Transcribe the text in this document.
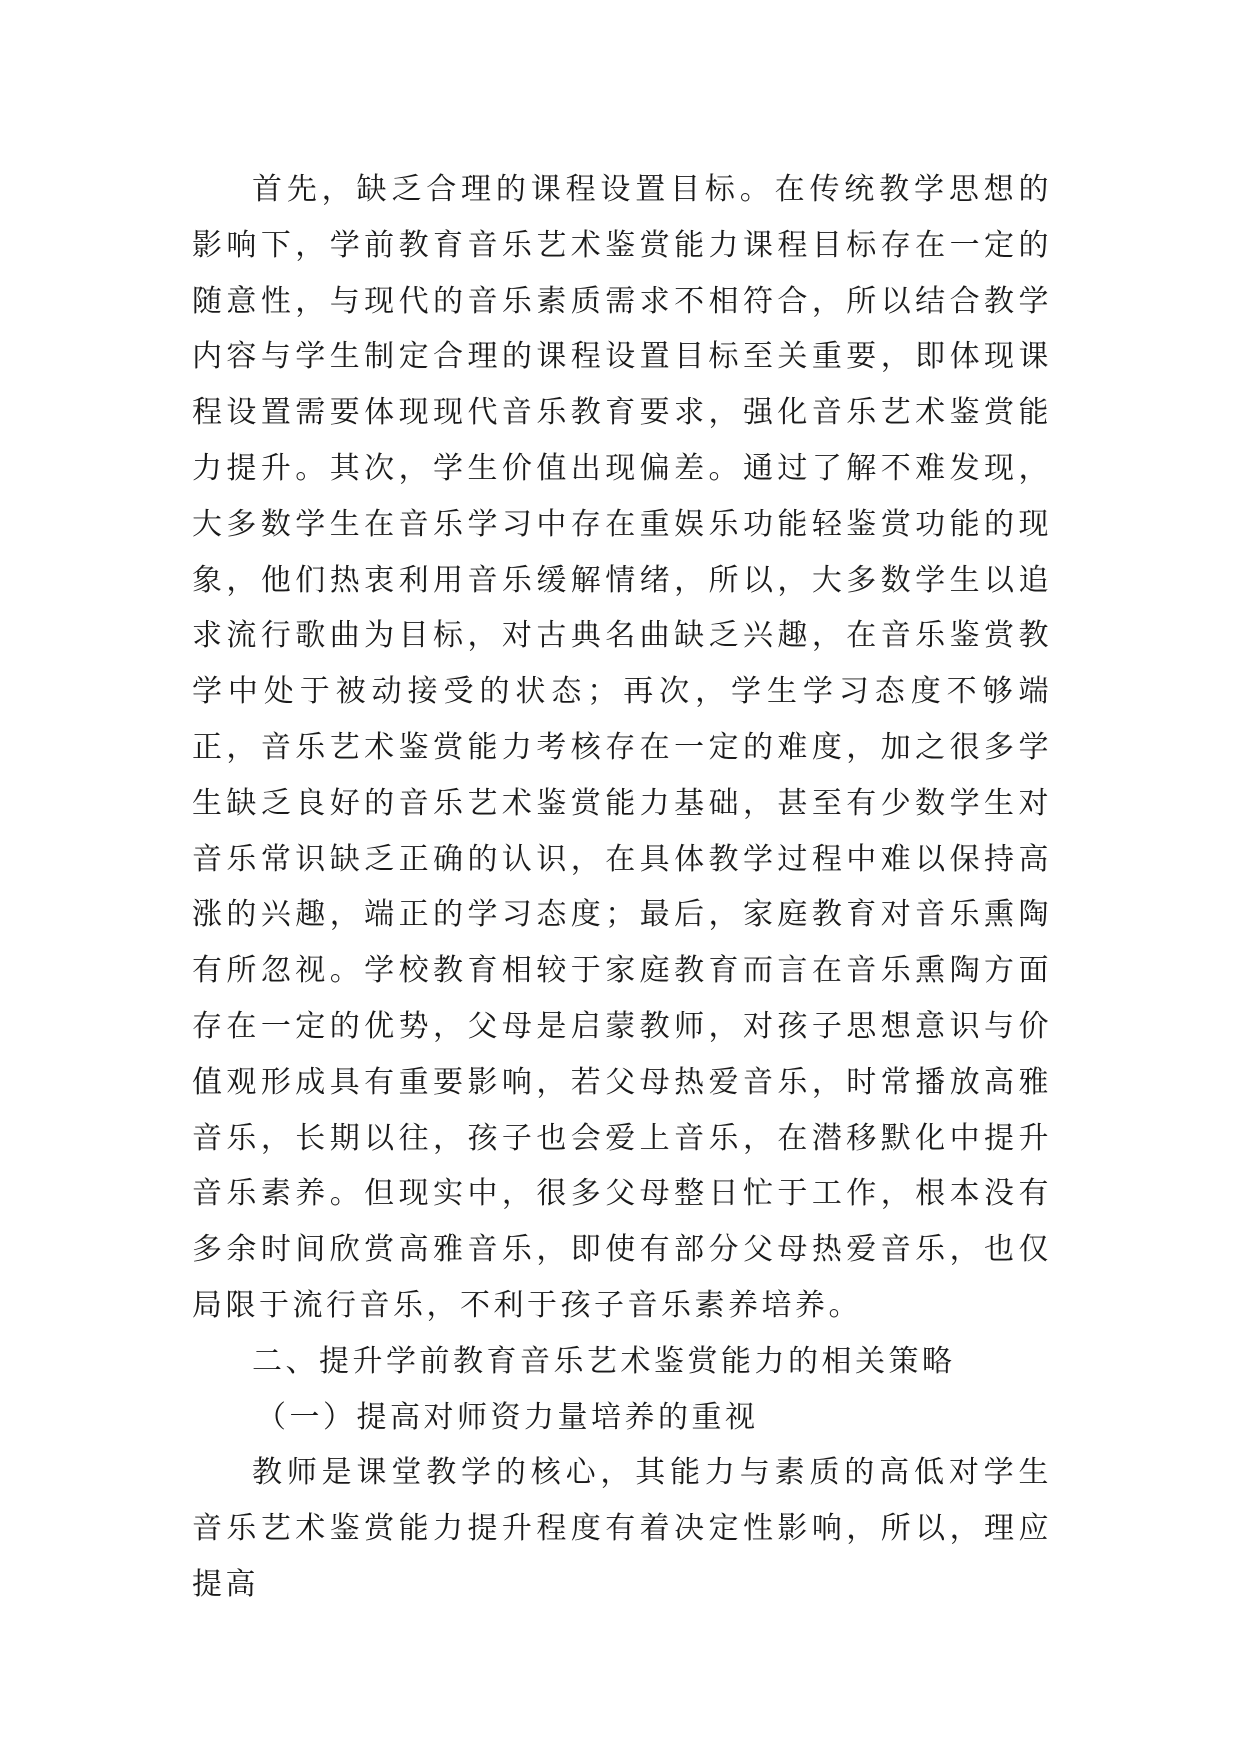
首先，缺乏合理的课程设置目标。在传统教学思想的影响下，学前教育音乐艺术鉴赏能力课程目标存在一定的随意性，与现代的音乐素质需求不相符合，所以结合教学内容与学生制定合理的课程设置目标至关重要，即体现课程设置需要体现现代音乐教育要求，强化音乐艺术鉴赏能力提升。其次，学生价值出现偏差。通过了解不难发现，大多数学生在音乐学习中存在重娱乐功能轻鉴赏功能的现象，他们热衷利用音乐缓解情绪，所以，大多数学生以追求流行歌曲为目标，对古典名曲缺乏兴趣，在音乐鉴赏教学中处于被动接受的状态；再次，学生学习态度不够端正，音乐艺术鉴赏能力考核存在一定的难度，加之很多学生缺乏良好的音乐艺术鉴赏能力基础，甚至有少数学生对音乐常识缺乏正确的认识，在具体教学过程中难以保持高涨的兴趣，端正的学习态度；最后，家庭教育对音乐熏陶有所忽视。学校教育相较于家庭教育而言在音乐熏陶方面存在一定的优势，父母是启蒙教师，对孩子思想意识与价值观形成具有重要影响，若父母热爱音乐，时常播放高雅音乐，长期以往，孩子也会爱上音乐，在潜移默化中提升音乐素养。但现实中，很多父母整日忙于工作，根本没有多余时间欣赏高雅音乐，即使有部分父母热爱音乐，也仅局限于流行音乐，不利于孩子音乐素养培养。

二、提升学前教育音乐艺术鉴赏能力的相关策略

（一）提高对师资力量培养的重视

教师是课堂教学的核心，其能力与素质的高低对学生音乐艺术鉴赏能力提升程度有着决定性影响，所以，理应提高
